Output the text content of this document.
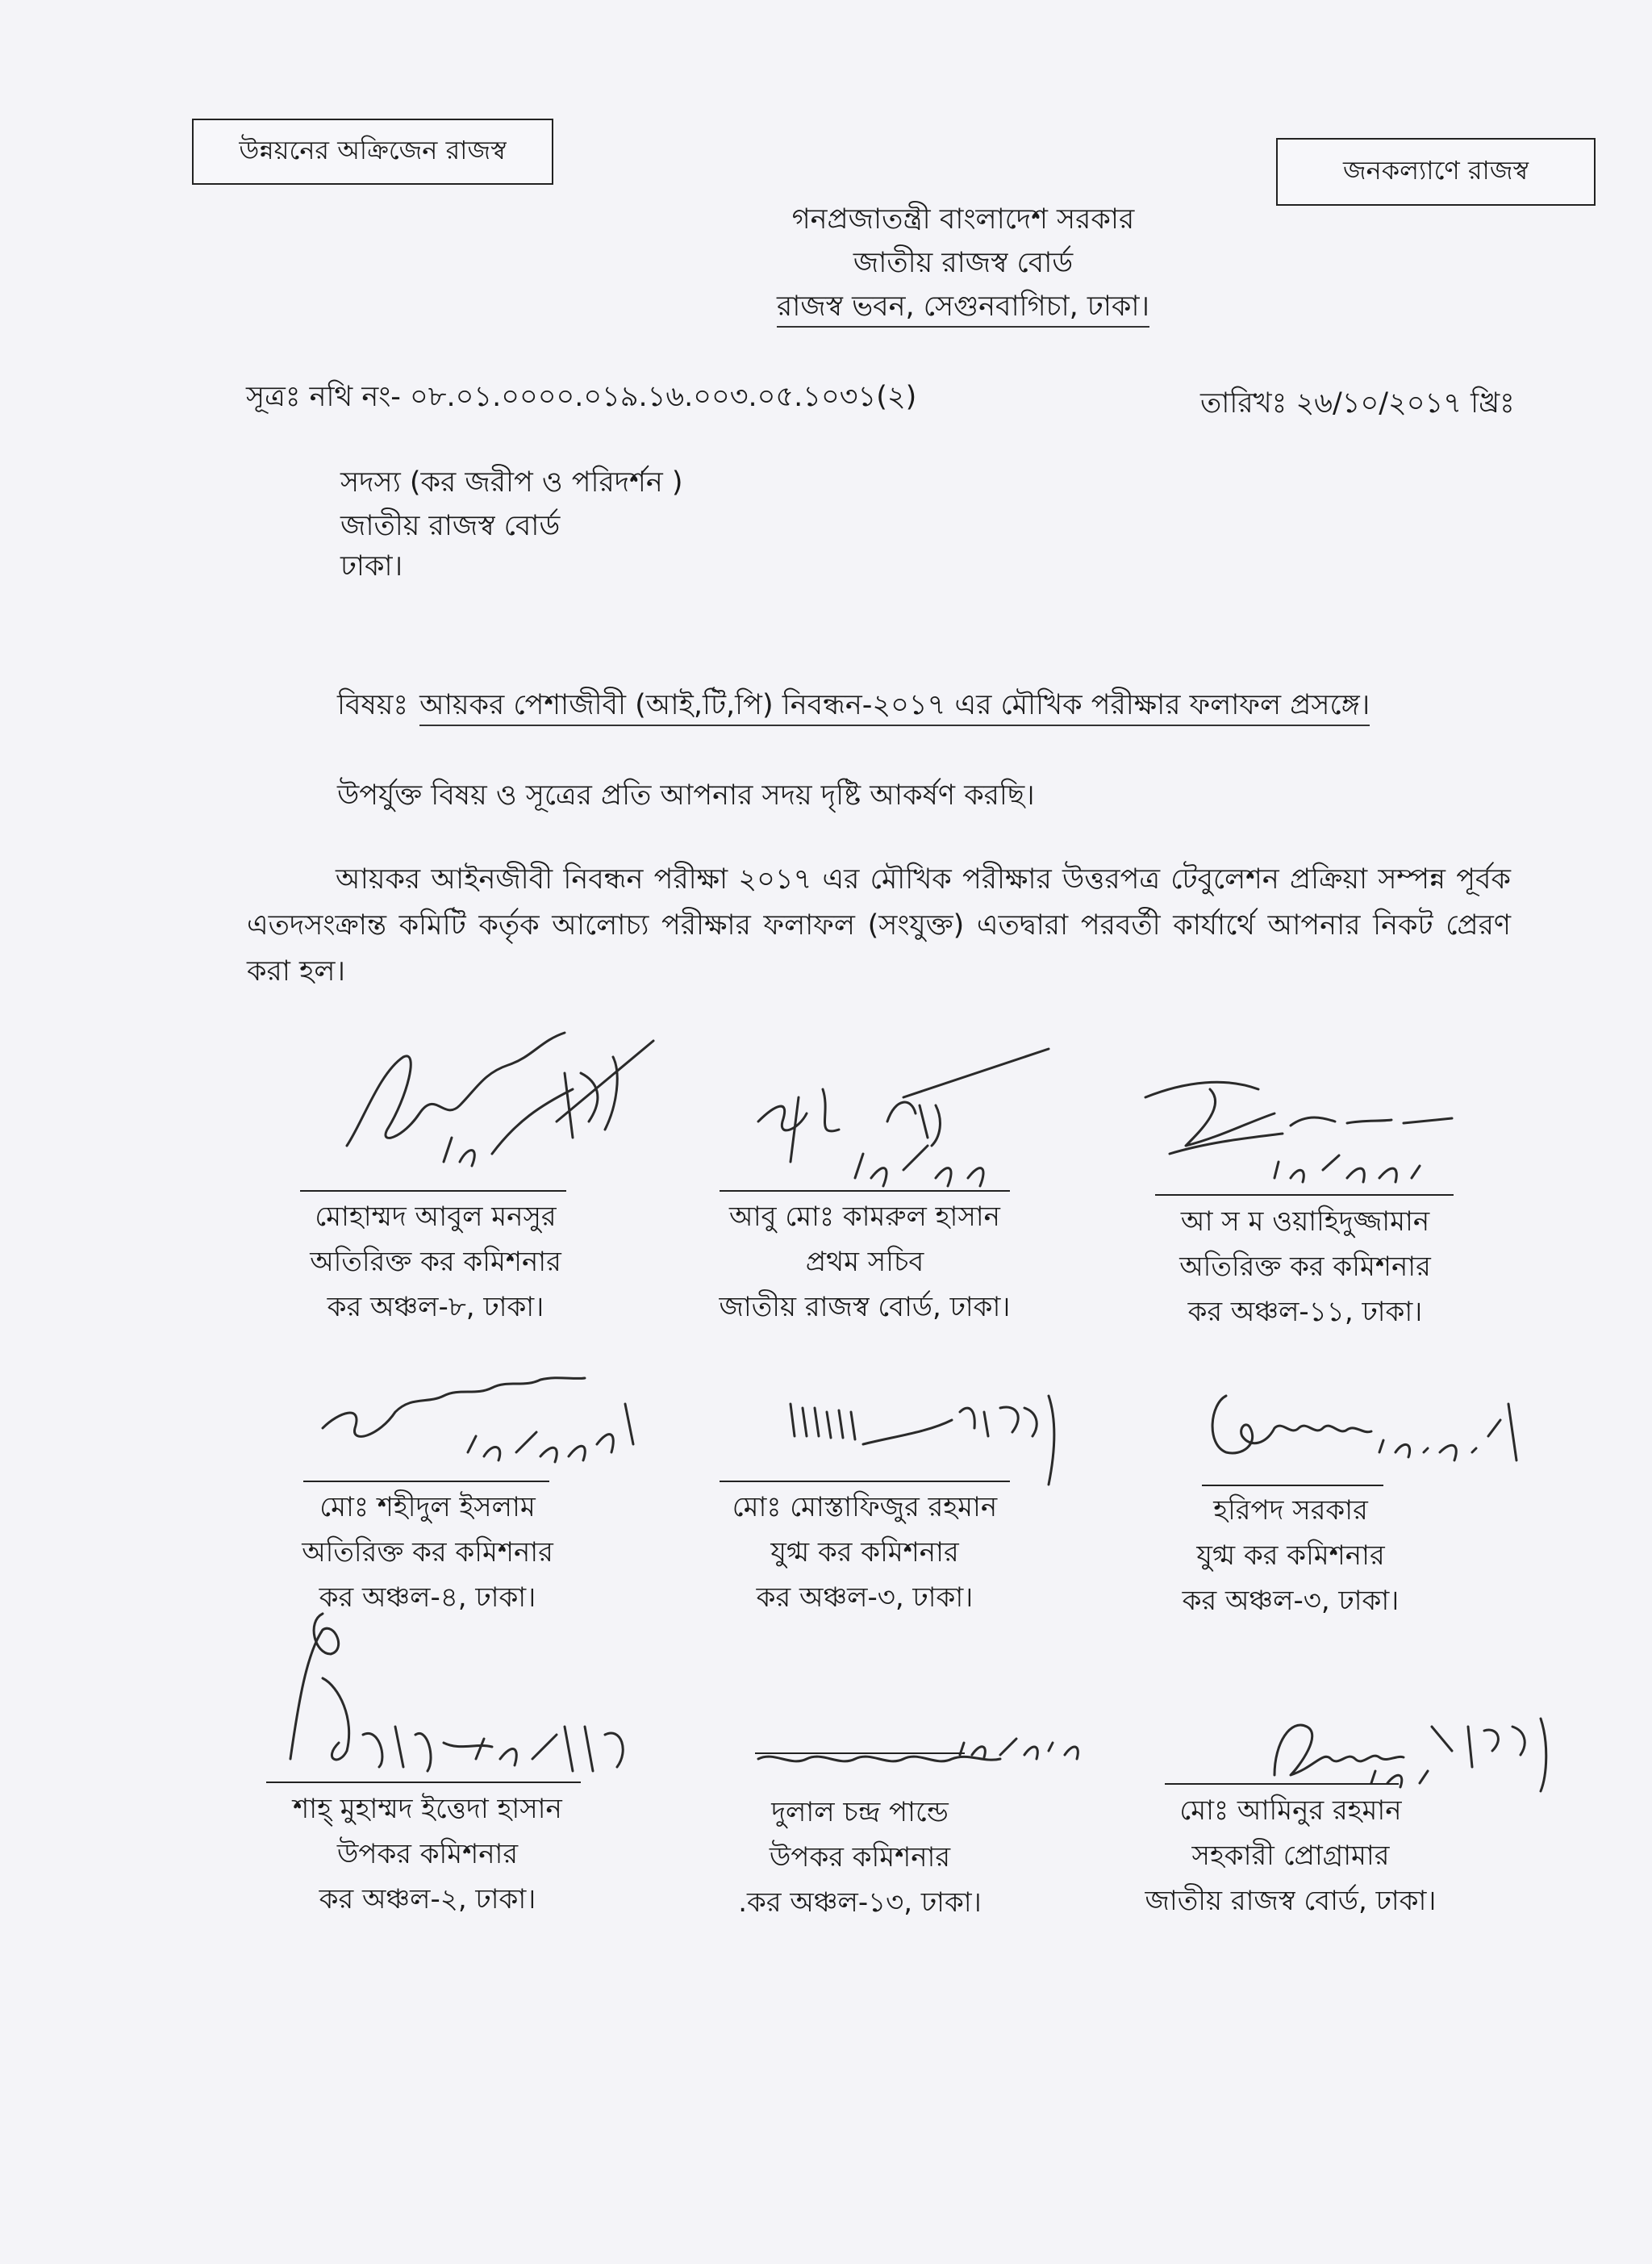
উন্নয়নের অক্রিজেন রাজস্ব
জনকল্যাণে রাজস্ব
গনপ্রজাতন্ত্রী বাংলাদেশ সরকার
জাতীয় রাজস্ব বোর্ড
রাজস্ব ভবন, সেগুনবাগিচা, ঢাকা।
সূত্রঃ নথি নং- ০৮.০১.০০০০.০১৯.১৬.০০৩.০৫.১০৩১(২)	তারিখঃ ২৬/১০/২০১৭ খ্রিঃ
সদস্য (কর জরীপ ও পরিদর্শন )
জাতীয় রাজস্ব বোর্ড
ঢাকা।
বিষয়ঃ আয়কর পেশাজীবী (আই,টি,পি) নিবন্ধন-২০১৭ এর মৌখিক পরীক্ষার ফলাফল প্রসঙ্গে।
উপর্যুক্ত বিষয় ও সূত্রের প্রতি আপনার সদয় দৃষ্টি আকর্ষণ করছি।
আয়কর আইনজীবী নিবন্ধন পরীক্ষা ২০১৭ এর মৌখিক পরীক্ষার উত্তরপত্র টেবুলেশন প্রক্রিয়া সম্পন্ন পূর্বক এতদসংক্রান্ত কমিটি কর্তৃক আলোচ্য পরীক্ষার ফলাফল (সংযুক্ত) এতদ্বারা পরবর্তী কার্যার্থে আপনার নিকট প্রেরণ করা হল।
মোহাম্মদ আবুল মনসুর
অতিরিক্ত কর কমিশনার
কর অঞ্চল-৮, ঢাকা।
আবু মোঃ কামরুল হাসান
প্রথম সচিব
জাতীয় রাজস্ব বোর্ড, ঢাকা।
আ স ম ওয়াহিদুজ্জামান
অতিরিক্ত কর কমিশনার
কর অঞ্চল-১১, ঢাকা।
মোঃ শহীদুল ইসলাম
অতিরিক্ত কর কমিশনার
কর অঞ্চল-৪, ঢাকা।
মোঃ মোস্তাফিজুর রহমান
যুগ্ম কর কমিশনার
কর অঞ্চল-৩, ঢাকা।
হরিপদ সরকার
যুগ্ম কর কমিশনার
কর অঞ্চল-৩, ঢাকা।
শাহ্ মুহাম্মদ ইত্তেদা হাসান
উপকর কমিশনার
কর অঞ্চল-২, ঢাকা।
দুলাল চন্দ্র পান্ডে
উপকর কমিশনার
.কর অঞ্চল-১৩, ঢাকা।
মোঃ আমিনুর রহমান
সহকারী প্রোগ্রামার
জাতীয় রাজস্ব বোর্ড, ঢাকা।
